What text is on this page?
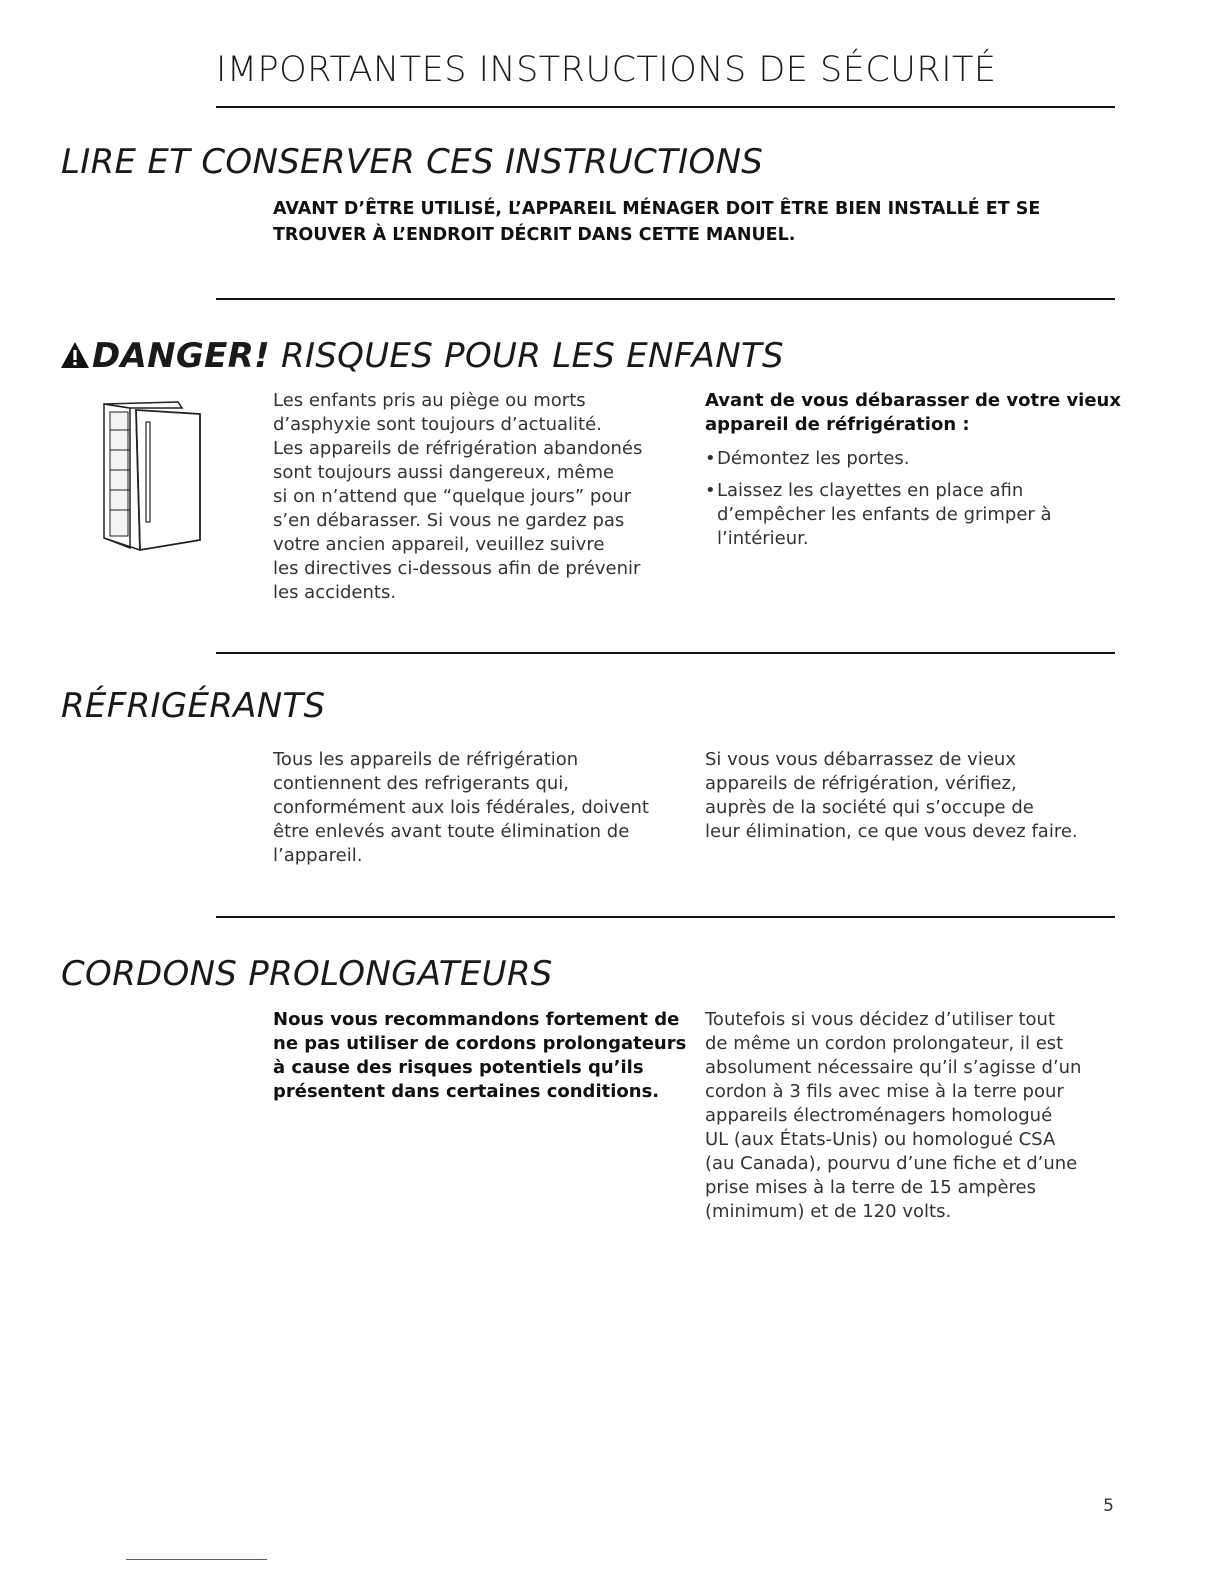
IMPORTANTES INSTRUCTIONS DE SÉCURITÉ
LIRE ET CONSERVER CES INSTRUCTIONS
AVANT D’ÊTRE UTILISÉ, L’APPAREIL MÉNAGER DOIT ÊTRE BIEN INSTALLÉ ET SE
TROUVER À L’ENDROIT DÉCRIT DANS CETTE MANUEL.
DANGER! RISQUES POUR LES ENFANTS
Les enfants pris au piège ou morts
d’asphyxie sont toujours d’actualité.
Les appareils de réfrigération abandonés
sont toujours aussi dangereux, même
si on n’attend que “quelque jours” pour
s’en débarasser. Si vous ne gardez pas
votre ancien appareil, veuillez suivre
les directives ci-dessous afin de prévenir
les accidents.
Avant de vous débarasser de votre vieux
appareil de réfrigération :
• Démontez les portes.
• Laissez les clayettes en place afin
d’empêcher les enfants de grimper à
l’intérieur.
RÉFRIGÉRANTS
Tous les appareils de réfrigération
contiennent des refrigerants qui,
conformément aux lois fédérales, doivent
être enlevés avant toute élimination de
l’appareil.
Si vous vous débarrassez de vieux
appareils de réfrigération, vérifiez,
auprès de la société qui s’occupe de
leur élimination, ce que vous devez faire.
CORDONS PROLONGATEURS
Nous vous recommandons fortement de
ne pas utiliser de cordons prolongateurs
à cause des risques potentiels qu’ils
présentent dans certaines conditions.
Toutefois si vous décidez d’utiliser tout
de même un cordon prolongateur, il est
absolument nécessaire qu’il s’agisse d’un
cordon à 3 fils avec mise à la terre pour
appareils électroménagers homologué
UL (aux États-Unis) ou homologué CSA
(au Canada), pourvu d’une fiche et d’une
prise mises à la terre de 15 ampères
(minimum) et de 120 volts.
5
